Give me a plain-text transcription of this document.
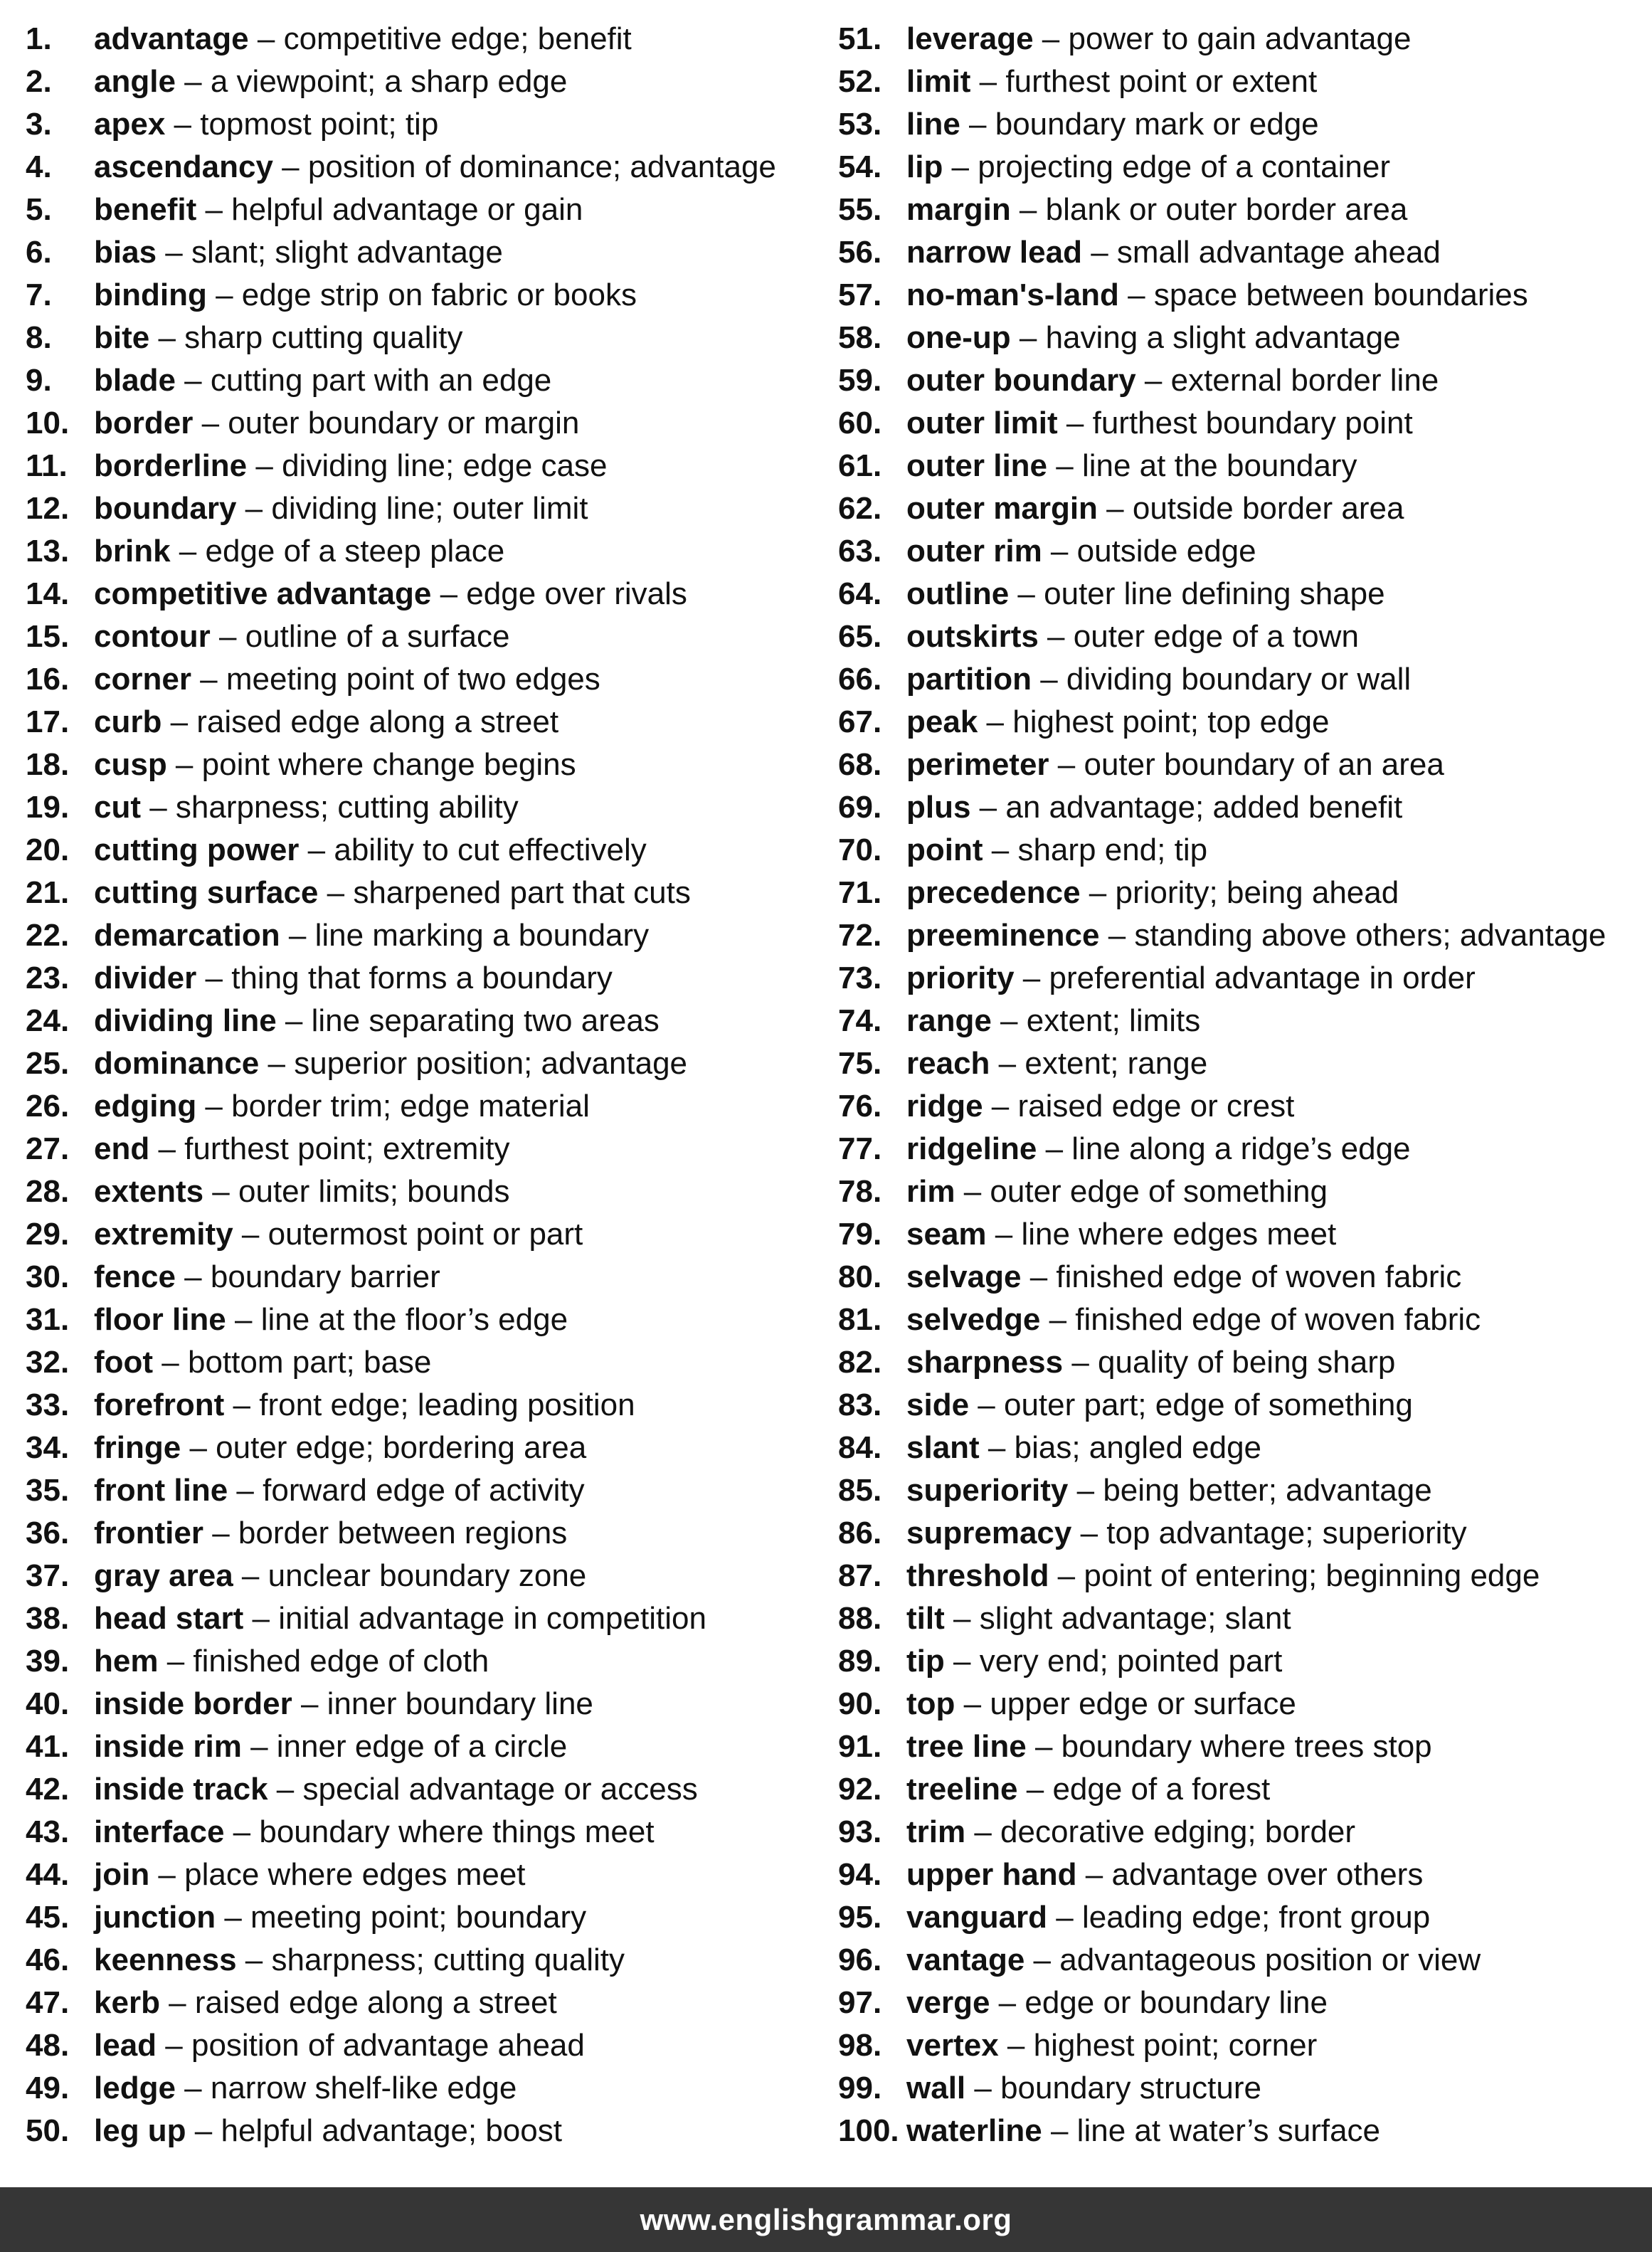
1. advantage – competitive edge; benefit
2. angle – a viewpoint; a sharp edge
3. apex – topmost point; tip
4. ascendancy – position of dominance; advantage
5. benefit – helpful advantage or gain
6. bias – slant; slight advantage
7. binding – edge strip on fabric or books
8. bite – sharp cutting quality
9. blade – cutting part with an edge
10. border – outer boundary or margin
11. borderline – dividing line; edge case
12. boundary – dividing line; outer limit
13. brink – edge of a steep place
14. competitive advantage – edge over rivals
15. contour – outline of a surface
16. corner – meeting point of two edges
17. curb – raised edge along a street
18. cusp – point where change begins
19. cut – sharpness; cutting ability
20. cutting power – ability to cut effectively
21. cutting surface – sharpened part that cuts
22. demarcation – line marking a boundary
23. divider – thing that forms a boundary
24. dividing line – line separating two areas
25. dominance – superior position; advantage
26. edging – border trim; edge material
27. end – furthest point; extremity
28. extents – outer limits; bounds
29. extremity – outermost point or part
30. fence – boundary barrier
31. floor line – line at the floor’s edge
32. foot – bottom part; base
33. forefront – front edge; leading position
34. fringe – outer edge; bordering area
35. front line – forward edge of activity
36. frontier – border between regions
37. gray area – unclear boundary zone
38. head start – initial advantage in competition
39. hem – finished edge of cloth
40. inside border – inner boundary line
41. inside rim – inner edge of a circle
42. inside track – special advantage or access
43. interface – boundary where things meet
44. join – place where edges meet
45. junction – meeting point; boundary
46. keenness – sharpness; cutting quality
47. kerb – raised edge along a street
48. lead – position of advantage ahead
49. ledge – narrow shelf-like edge
50. leg up – helpful advantage; boost
51. leverage – power to gain advantage
52. limit – furthest point or extent
53. line – boundary mark or edge
54. lip – projecting edge of a container
55. margin – blank or outer border area
56. narrow lead – small advantage ahead
57. no-man's-land – space between boundaries
58. one-up – having a slight advantage
59. outer boundary – external border line
60. outer limit – furthest boundary point
61. outer line – line at the boundary
62. outer margin – outside border area
63. outer rim – outside edge
64. outline – outer line defining shape
65. outskirts – outer edge of a town
66. partition – dividing boundary or wall
67. peak – highest point; top edge
68. perimeter – outer boundary of an area
69. plus – an advantage; added benefit
70. point – sharp end; tip
71. precedence – priority; being ahead
72. preeminence – standing above others; advantage
73. priority – preferential advantage in order
74. range – extent; limits
75. reach – extent; range
76. ridge – raised edge or crest
77. ridgeline – line along a ridge’s edge
78. rim – outer edge of something
79. seam – line where edges meet
80. selvage – finished edge of woven fabric
81. selvedge – finished edge of woven fabric
82. sharpness – quality of being sharp
83. side – outer part; edge of something
84. slant – bias; angled edge
85. superiority – being better; advantage
86. supremacy – top advantage; superiority
87. threshold – point of entering; beginning edge
88. tilt – slight advantage; slant
89. tip – very end; pointed part
90. top – upper edge or surface
91. tree line – boundary where trees stop
92. treeline – edge of a forest
93. trim – decorative edging; border
94. upper hand – advantage over others
95. vanguard – leading edge; front group
96. vantage – advantageous position or view
97. verge – edge or boundary line
98. vertex – highest point; corner
99. wall – boundary structure
100. waterline – line at water’s surface
www.englishgrammar.org
